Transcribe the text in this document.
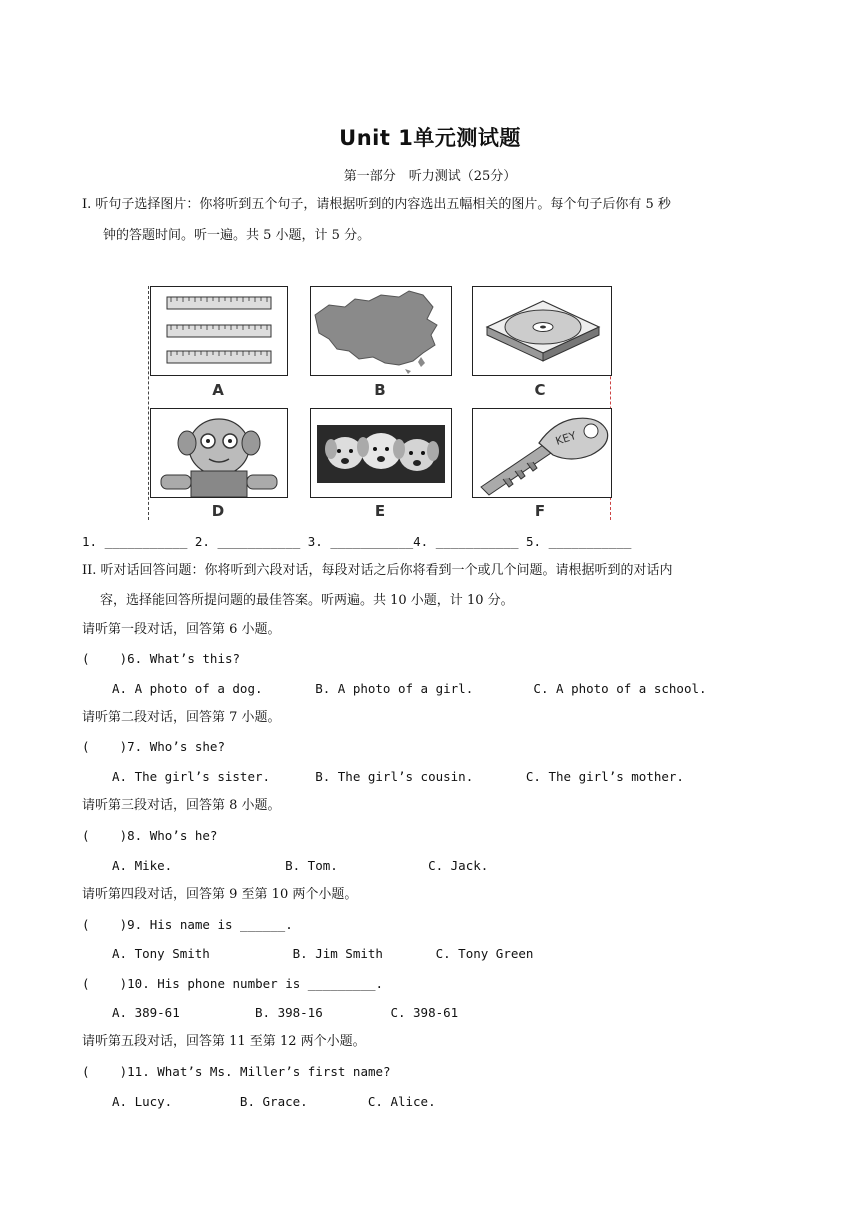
Unit 1单元测试题
第一部分　听力测试（25分）
I. 听句子选择图片：你将听到五个句子，请根据听到的内容选出五幅相关的图片。每个句子后你有 5 秒
钟的答题时间。听一遍。共 5 小题，计 5 分。
A	B	C
KEY
D	E	F
1. ___________ 2. ___________ 3. ___________4. ___________ 5. ___________
II. 听对话回答问题：你将听到六段对话，每段对话之后你将看到一个或几个问题。请根据听到的对话内
容，选择能回答所提问题的最佳答案。听两遍。共 10 小题，计 10 分。
请听第一段对话，回答第 6 小题。
(    )6. What’s this?
A. A photo of a dog.       B. A photo of a girl.        C. A photo of a school.
请听第二段对话，回答第 7 小题。
(    )7. Who’s she?
A. The girl’s sister.      B. The girl’s cousin.       C. The girl’s mother.
请听第三段对话，回答第 8 小题。
(    )8. Who’s he?
A. Mike.               B. Tom.            C. Jack.
请听第四段对话，回答第 9 至第 10 两个小题。
(    )9. His name is ______.
A. Tony Smith           B. Jim Smith       C. Tony Green
(    )10. His phone number is _________.
A. 389-61          B. 398-16         C. 398-61
请听第五段对话，回答第 11 至第 12 两个小题。
(    )11. What’s Ms. Miller’s first name?
A. Lucy.         B. Grace.        C. Alice.
